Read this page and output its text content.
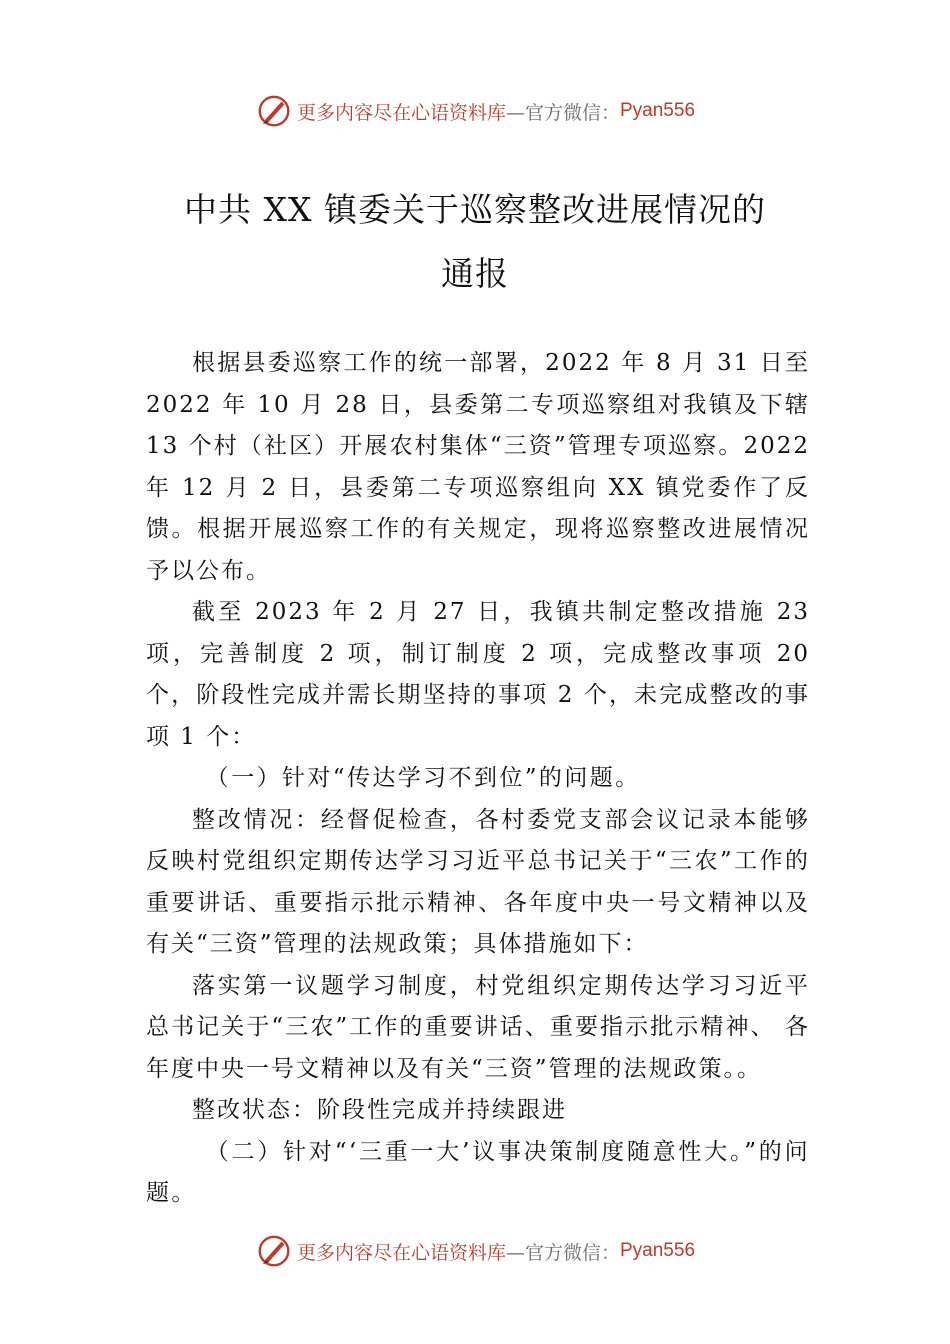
更多内容尽在心语资料库 —官方微信： Pyan556
中共 XX 镇委关于巡察整改进展情况的
通报

根据县委巡察工作的统一部署，2022 年 8 月 31 日至 2022 年 10 月 28 日，县委第二专项巡察组对我镇及下辖 13 个村（社区）开展农村集体“三资”管理专项巡察。2022 年 12 月 2 日，县委第二专项巡察组向 XX 镇党委作了反馈。根据开展巡察工作的有关规定，现将巡察整改进展情况予以公布。

截至 2023 年 2 月 27 日，我镇共制定整改措施 23 项，完善制度 2 项，制订制度 2 项，完成整改事项 20 个，阶段性完成并需长期坚持的事项 2 个，未完成整改的事项 1 个：

（一）针对“传达学习不到位”的问题。

整改情况：经督促检查，各村委党支部会议记录本能够反映村党组织定期传达学习习近平总书记关于“三农”工作的重要讲话、重要指示批示精神、各年度中央一号文精神以及有关“三资”管理的法规政策；具体措施如下：

落实第一议题学习制度，村党组织定期传达学习习近平总书记关于“三农”工作的重要讲话、重要指示批示精神、 各年度中央一号文精神以及有关“三资”管理的法规政策。。

整改状态：阶段性完成并持续跟进

（二）针对“‘三重一大’议事决策制度随意性大。”的问题。

更多内容尽在心语资料库 —官方微信： Pyan556
